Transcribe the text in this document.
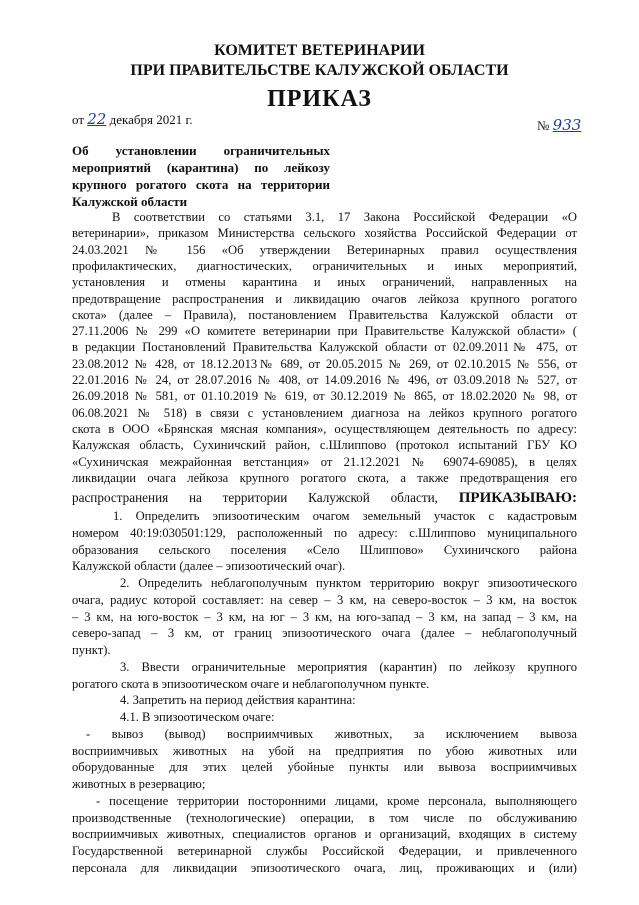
КОМИТЕТ ВЕТЕРИНАРИИ
ПРИ ПРАВИТЕЛЬСТВЕ КАЛУЖСКОЙ ОБЛАСТИ
ПРИКАЗ
от 22 декабря 2021 г.	№ 933
Об установлении ограничительных
мероприятий (карантина) по лейкозу
крупного рогатого скота на территории
Калужской области
В соответствии со статьями 3.1, 17 Закона Российской Федерации «О
ветеринарии», приказом Министерства сельского хозяйства Российской Федерации от
24.03.2021 № 156 «Об утверждении Ветеринарных правил осуществления
профилактических, диагностических, ограничительных и иных мероприятий,
установления и отмены карантина и иных ограничений, направленных на
предотвращение распространения и ликвидацию очагов лейкоза крупного рогатого
скота» (далее – Правила), постановлением Правительства Калужской области от
27.11.2006 № 299 «О комитете ветеринарии при Правительстве Калужской области» (
в редакции Постановлений Правительства Калужской области от 02.09.2011№ 475, от
23.08.2012 № 428, от 18.12.2013№ 689, от 20.05.2015 № 269, от 02.10.2015 № 556, от
22.01.2016 № 24, от 28.07.2016 № 408, от 14.09.2016 № 496, от 03.09.2018 № 527, от
26.09.2018 № 581, от 01.10.2019 № 619, от 30.12.2019 № 865, от 18.02.2020 № 98, от
06.08.2021 № 518) в связи с установлением диагноза на лейкоз крупного рогатого
скота в ООО «Брянская мясная компания», осуществляющем деятельность по адресу:
Калужская область, Сухиничский район, с.Шлиппово (протокол испытаний ГБУ КО
«Сухиничская межрайонная ветстанция» от 21.12.2021 № 69074-69085), в целях
ликвидации очага лейкоза крупного рогатого скота, а также предотвращения его
распространения на территории Калужской области, ПРИКАЗЫВАЮ:
1. Определить эпизоотическим очагом земельный участок с кадастровым
номером 40:19:030501:129, расположенный по адресу: с.Шлиппово муниципального
образования сельского поселения «Село Шлиппово» Сухиничского района
Калужской области (далее – эпизоотический очаг).
2. Определить неблагополучным пунктом территорию вокруг эпизоотического
очага, радиус которой составляет: на север – 3 км, на северо-восток – 3 км, на восток
– 3 км, на юго-восток – 3 км, на юг – 3 км, на юго-запад – 3 км, на запад – 3 км, на
северо-запад – 3 км, от границ эпизоотического очага (далее – неблагополучный
пункт).
3. Ввести ограничительные мероприятия (карантин) по лейкозу крупного
рогатого скота в эпизоотическом очаге и неблагополучном пункте.
4. Запретить на период действия карантина:
4.1. В эпизоотическом очаге:
- вывоз (вывод) восприимчивых животных, за исключением вывоза
восприимчивых животных на убой на предприятия по убою животных или
оборудованные для этих целей убойные пункты или вывоза восприимчивых
животных в резервацию;
- посещение территории посторонними лицами, кроме персонала, выполняющего
производственные (технологические) операции, в том числе по обслуживанию
восприимчивых животных, специалистов органов и организаций, входящих в систему
Государственной ветеринарной службы Российской Федерации, и привлеченного
персонала для ликвидации эпизоотического очага, лиц, проживающих и (или)
